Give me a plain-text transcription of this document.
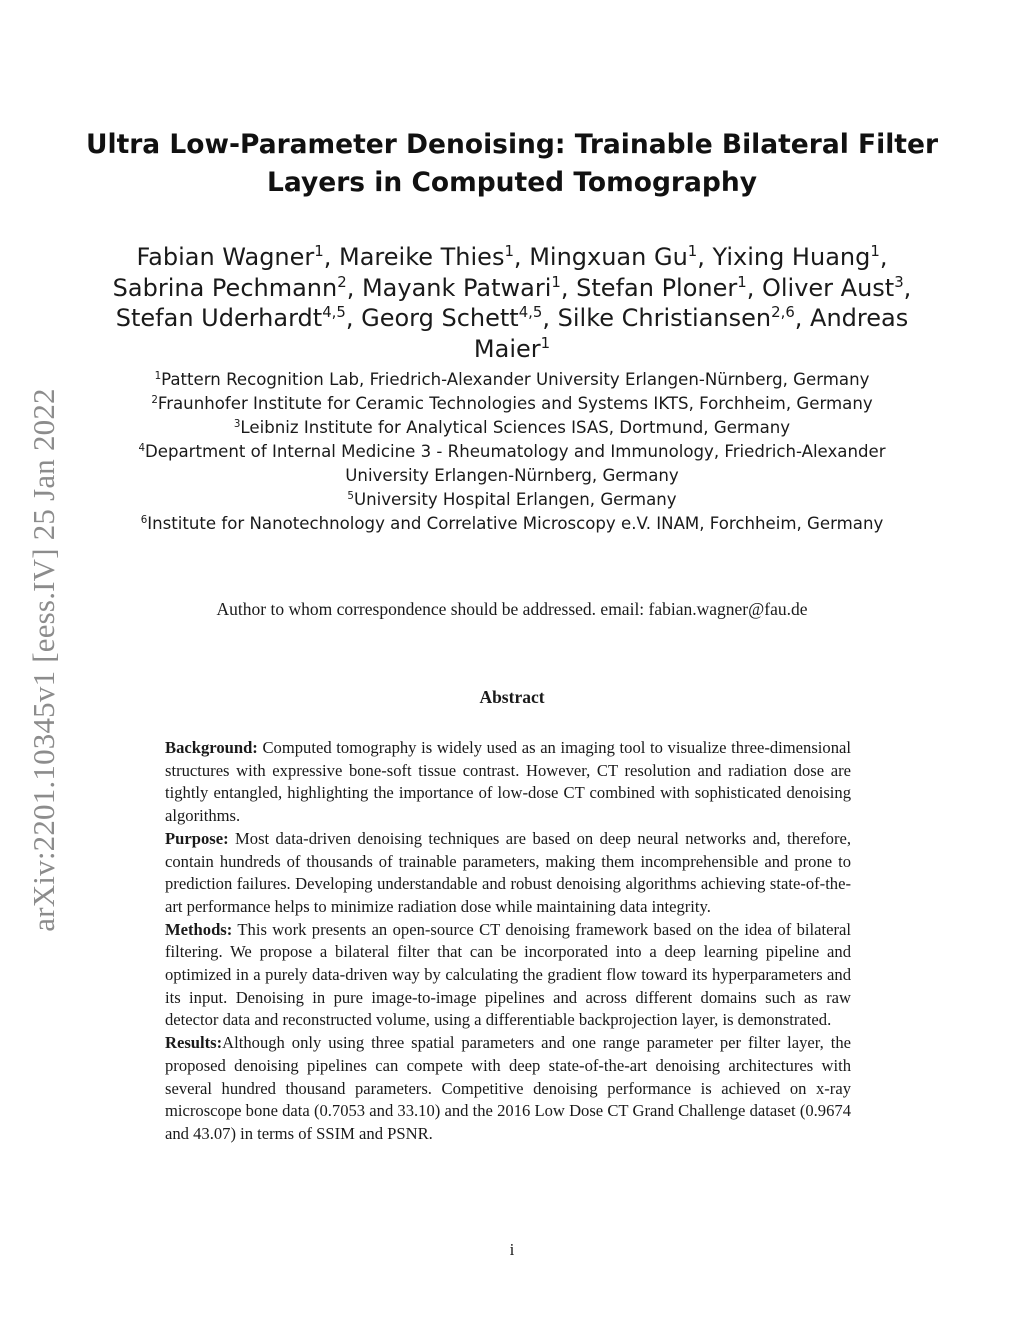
arXiv:2201.10345v1 [eess.IV] 25 Jan 2022
Ultra Low-Parameter Denoising: Trainable Bilateral Filter
Layers in Computed Tomography
Fabian Wagner$^1$, Mareike Thies$^1$, Mingxuan Gu$^1$, Yixing Huang$^1$,
Sabrina Pechmann$^2$, Mayank Patwari$^1$, Stefan Ploner$^1$, Oliver Aust$^3$,
Stefan Uderhardt$^{4,5}$, Georg Schett$^{4,5}$, Silke Christiansen$^{2,6}$, Andreas
Maier$^1$
$^1$Pattern Recognition Lab, Friedrich-Alexander University Erlangen-Nürnberg, Germany
$^2$Fraunhofer Institute for Ceramic Technologies and Systems IKTS, Forchheim, Germany
$^3$Leibniz Institute for Analytical Sciences ISAS, Dortmund, Germany
$^4$Department of Internal Medicine 3 - Rheumatology and Immunology, Friedrich-Alexander
University Erlangen-Nürnberg, Germany
$^5$University Hospital Erlangen, Germany
$^6$Institute for Nanotechnology and Correlative Microscopy e.V. INAM, Forchheim, Germany
Author to whom correspondence should be addressed. email: fabian.wagner@fau.de
Abstract

Background: Computed tomography is widely used as an imaging tool to visualize three-dimensional structures with expressive bone-soft tissue contrast. However, CT resolution and radiation dose are tightly entangled, highlighting the importance of low-dose CT combined with sophisticated denoising algorithms.

Purpose: Most data-driven denoising techniques are based on deep neural networks and, therefore, contain hundreds of thousands of trainable parameters, making them incomprehensible and prone to prediction failures. Developing understandable and robust denoising algorithms achieving state-of-the-art performance helps to minimize radiation dose while maintaining data integrity.

Methods: This work presents an open-source CT denoising framework based on the idea of bilateral filtering. We propose a bilateral filter that can be incorporated into a deep learning pipeline and optimized in a purely data-driven way by calculating the gradient flow toward its hyperparameters and its input. Denoising in pure image-to-image pipelines and across different domains such as raw detector data and reconstructed volume, using a differentiable backprojection layer, is demonstrated.

Results:Although only using three spatial parameters and one range parameter per filter layer, the proposed denoising pipelines can compete with deep state-of-the-art denoising architectures with several hundred thousand parameters. Competitive denoising performance is achieved on x-ray microscope bone data (0.7053 and 33.10) and the 2016 Low Dose CT Grand Challenge dataset (0.9674 and 43.07) in terms of SSIM and PSNR.

i
